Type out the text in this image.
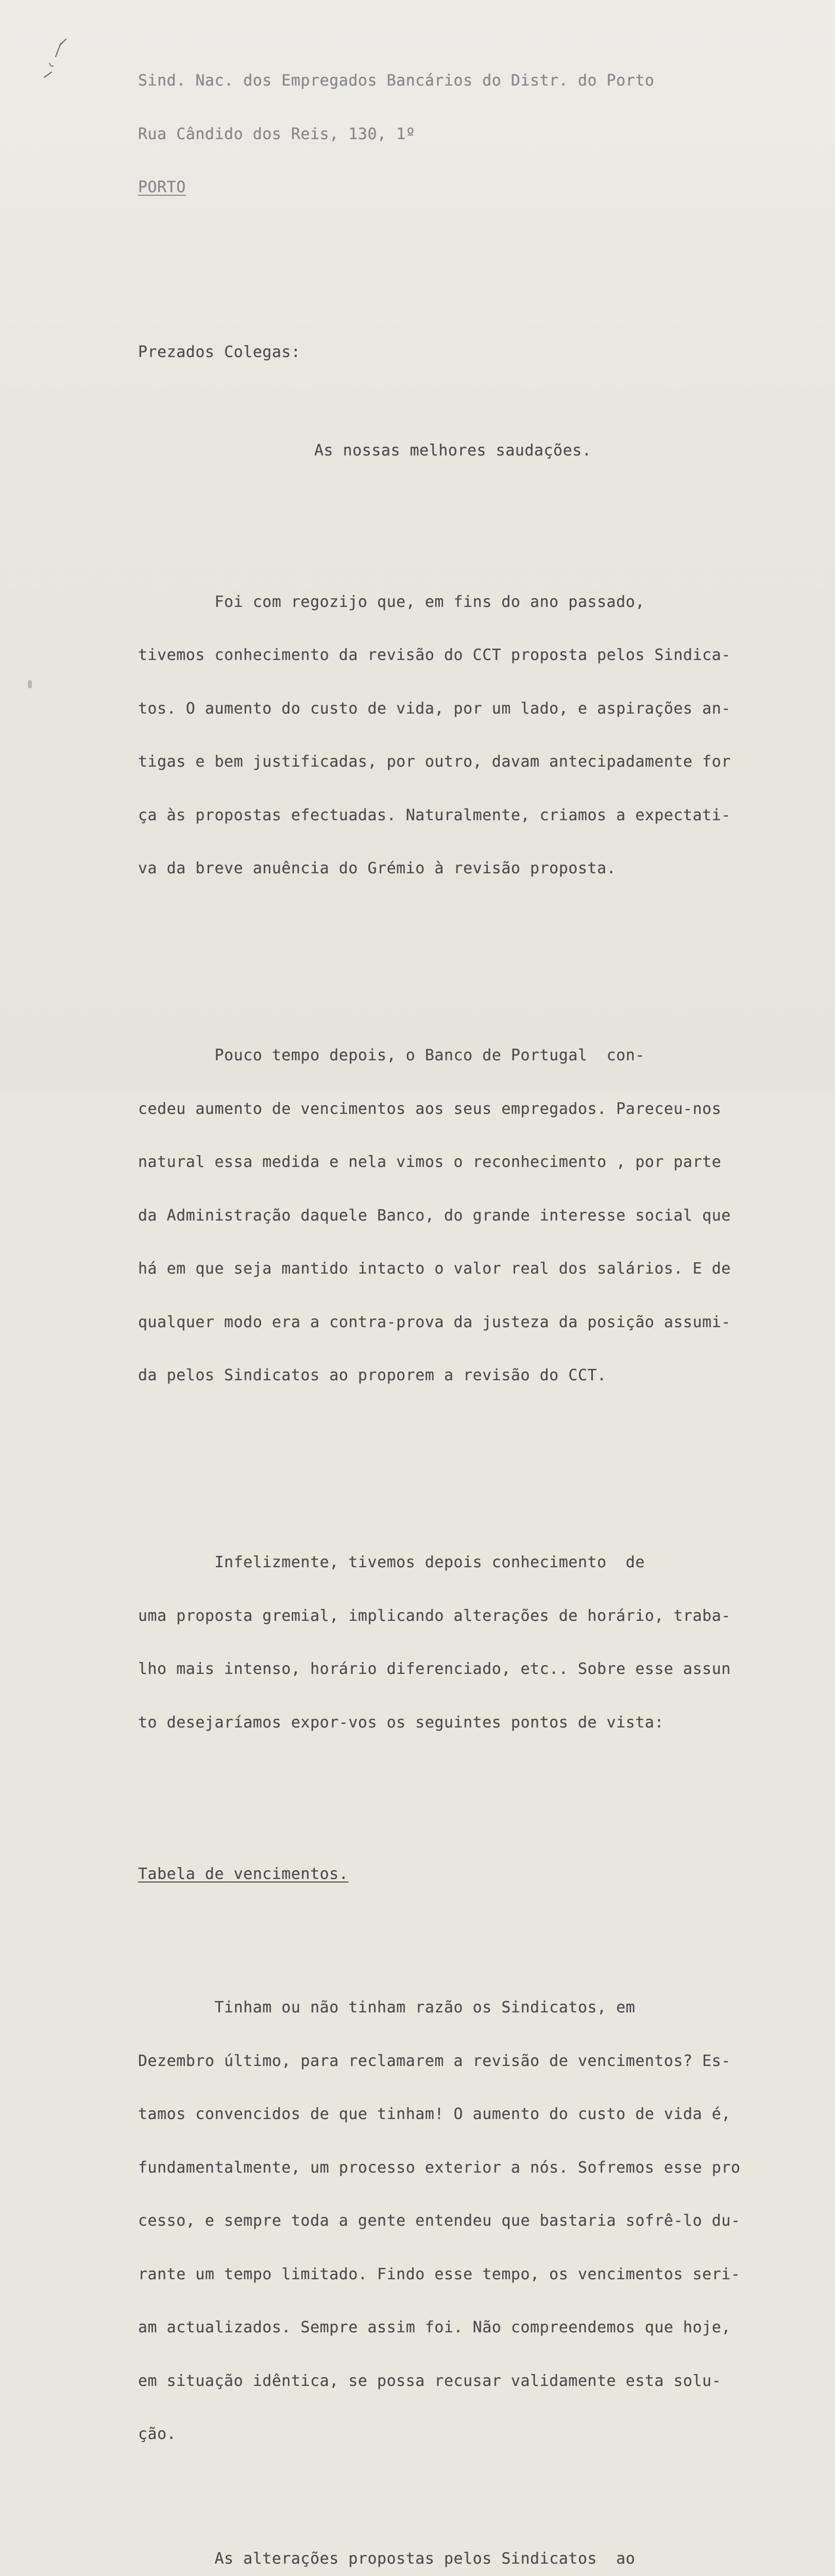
Sind. Nac. dos Empregados Bancários do Distr. do Porto

Rua Cândido dos Reis, 130, 1º

PORTO

Prezados Colegas:

As nossas melhores saudações.

Foi com regozijo que, em fins do ano passado,

tivemos conhecimento da revisão do CCT proposta pelos Sindica-

tos. O aumento do custo de vida, por um lado, e aspirações an-

tigas e bem justificadas, por outro, davam antecipadamente for

ça às propostas efectuadas. Naturalmente, criamos a expectati-

va da breve anuência do Grémio à revisão proposta.

Pouco tempo depois, o Banco de Portugal  con-

cedeu aumento de vencimentos aos seus empregados. Pareceu-nos

natural essa medida e nela vimos o reconhecimento , por parte

da Administração daquele Banco, do grande interesse social que

há em que seja mantido intacto o valor real dos salários. E de

qualquer modo era a contra-prova da justeza da posição assumi-

da pelos Sindicatos ao proporem a revisão do CCT.

Infelizmente, tivemos depois conhecimento  de

uma proposta gremial, implicando alterações de horário, traba-

lho mais intenso, horário diferenciado, etc.. Sobre esse assun

to desejaríamos expor-vos os seguintes pontos de vista:

Tabela de vencimentos.

Tinham ou não tinham razão os Sindicatos, em

Dezembro último, para reclamarem a revisão de vencimentos? Es-

tamos convencidos de que tinham! O aumento do custo de vida é,

fundamentalmente, um processo exterior a nós. Sofremos esse pro

cesso, e sempre toda a gente entendeu que bastaria sofrê-lo du-

rante um tempo limitado. Findo esse tempo, os vencimentos seri-

am actualizados. Sempre assim foi. Não compreendemos que hoje,

em situação idêntica, se possa recusar validamente esta solu-

ção.

As alterações propostas pelos Sindicatos  ao
